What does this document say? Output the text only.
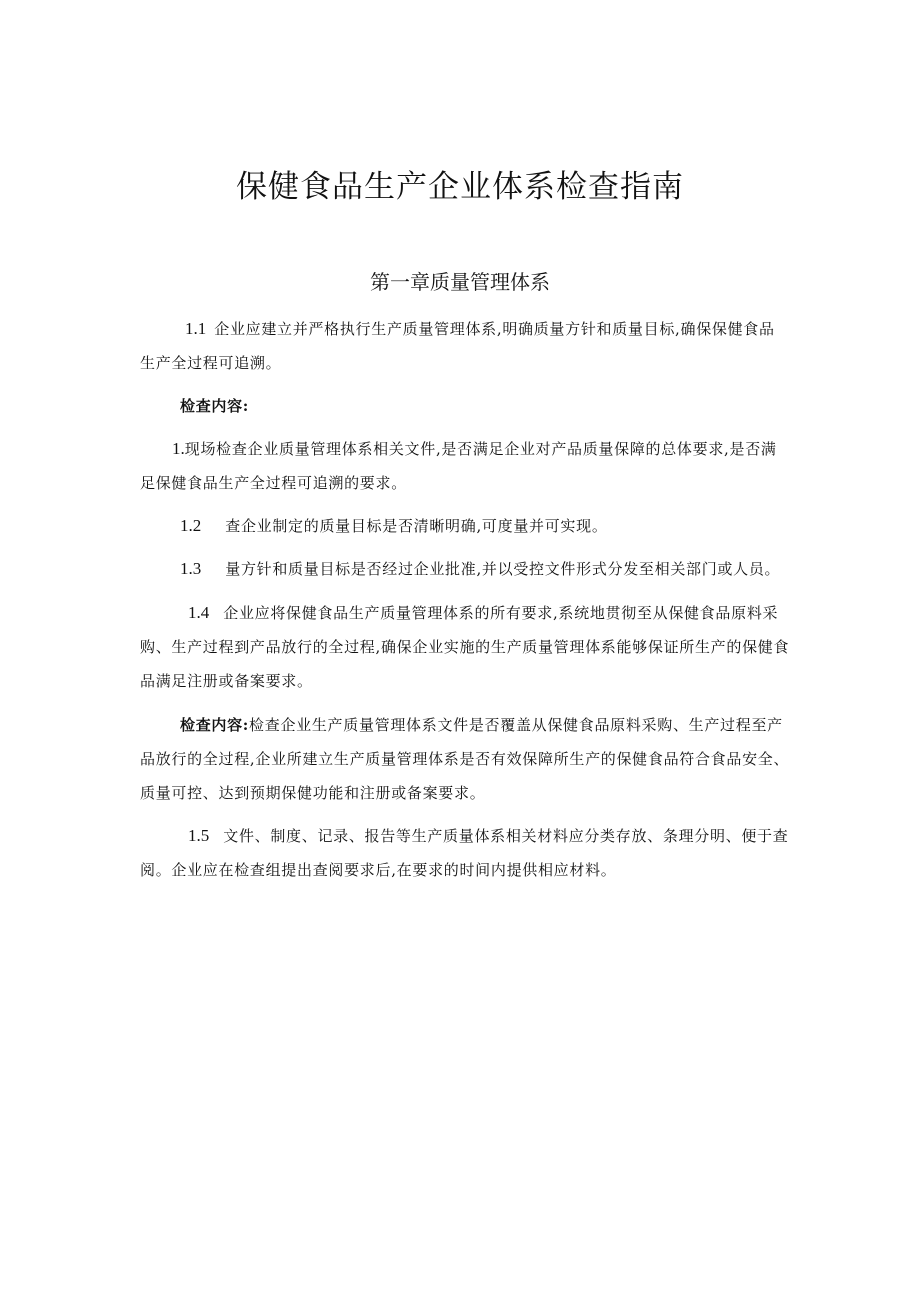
保健食品生产企业体系检查指南
第一章质量管理体系

1.1 企业应建立并严格执行生产质量管理体系,明确质量方针和质量目标,确保保健食品生产全过程可追溯。

检查内容:

1.现场检查企业质量管理体系相关文件,是否满足企业对产品质量保障的总体要求,是否满足保健食品生产全过程可追溯的要求。

1.2 查企业制定的质量目标是否清晰明确,可度量并可实现。

1.3 量方针和质量目标是否经过企业批准,并以受控文件形式分发至相关部门或人员。

1.4 企业应将保健食品生产质量管理体系的所有要求,系统地贯彻至从保健食品原料采购、生产过程到产品放行的全过程,确保企业实施的生产质量管理体系能够保证所生产的保健食品满足注册或备案要求。

检查内容:检查企业生产质量管理体系文件是否覆盖从保健食品原料采购、生产过程至产品放行的全过程,企业所建立生产质量管理体系是否有效保障所生产的保健食品符合食品安全、质量可控、达到预期保健功能和注册或备案要求。

1.5 文件、制度、记录、报告等生产质量体系相关材料应分类存放、条理分明、便于查阅。企业应在检查组提出查阅要求后,在要求的时间内提供相应材料。
